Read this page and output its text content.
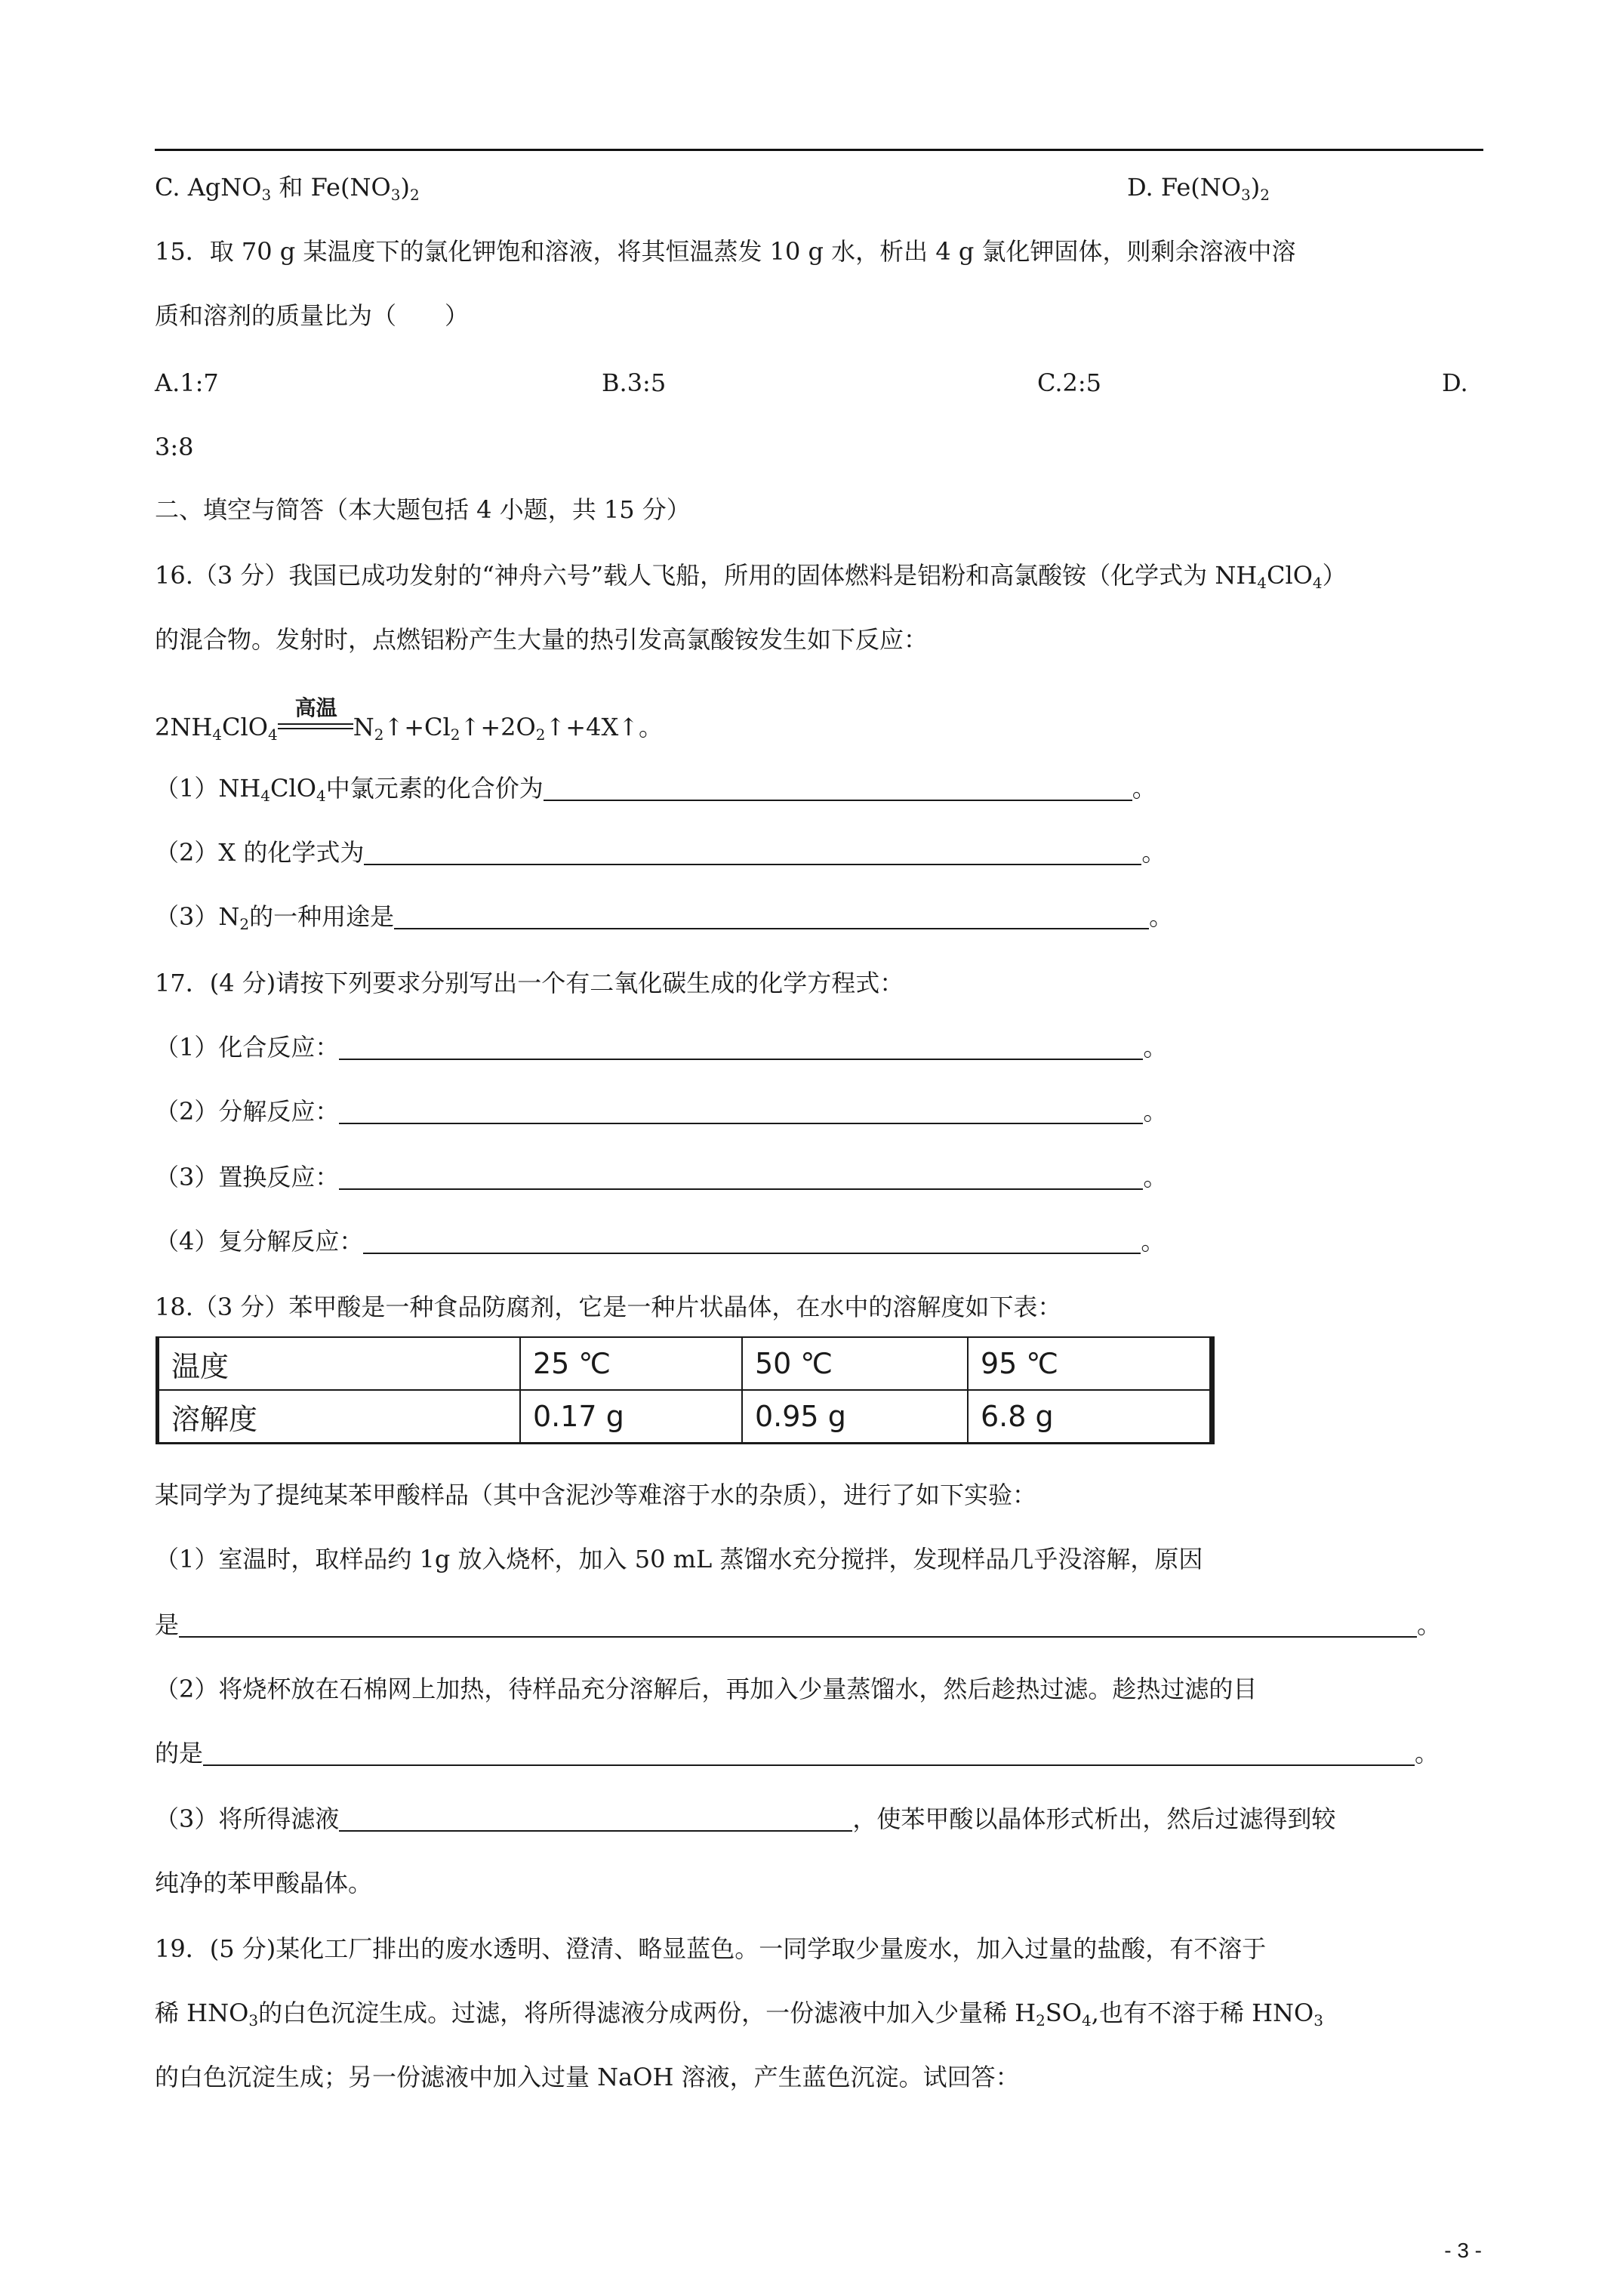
C. AgNO$_3$ 和 $Fe(NO_3)_2$	D. $Fe(NO_3)_2$
15．取 70 g 某温度下的氯化钾饱和溶液，将其恒温蒸发 10 g 水，析出 4 g 氯化钾固体，则剩余溶液中溶
质和溶剂的质量比为（　　）
A.1:7	B.3:5	C.2:5	D.
3:8
二、填空与简答（本大题包括 4 小题，共 15 分）
16.（3 分）我国已成功发射的“神舟六号”载人飞船，所用的固体燃料是铝粉和高氯酸铵（化学式为 $NH_4ClO_4$）
的混合物。发射时，点燃铝粉产生大量的热引发高氯酸铵发生如下反应：
$2NH_4ClO_4$
高温
$N_2↑+Cl_2↑+2O_2↑+4X↑$。
$(1)NH_4ClO_4$中氯元素的化合价为	。
（2）X 的化学式为	。
$(3)N_2$的一种用途是	。
17．(4 分)请按下列要求分别写出一个有二氧化碳生成的化学方程式：
（1）化合反应：	。
（2）分解反应：	。
（3）置换反应：	。
（4）复分解反应：	。
18.（3 分）苯甲酸是一种食品防腐剂，它是一种片状晶体，在水中的溶解度如下表：
温度	25 ℃	50 ℃	95 ℃
溶解度	0.17 g	0.95 g	6.8 g
某同学为了提纯某苯甲酸样品（其中含泥沙等难溶于水的杂质），进行了如下实验：
（1）室温时，取样品约 1g 放入烧杯，加入 50 mL 蒸馏水充分搅拌，发现样品几乎没溶解，原因
是	。
（2）将烧杯放在石棉网上加热，待样品充分溶解后，再加入少量蒸馏水，然后趁热过滤。趁热过滤的目
的是	。
（3）将所得滤液	，使苯甲酸以晶体形式析出，然后过滤得到较
纯净的苯甲酸晶体。
19．(5 分)某化工厂排出的废水透明、澄清、略显蓝色。一同学取少量废水，加入过量的盐酸，有不溶于
稀 $HNO_3$的白色沉淀生成。过滤，将所得滤液分成两份，一份滤液中加入少量稀 $H_2SO_4$,也有不溶于稀 $HNO_3$
的白色沉淀生成；另一份滤液中加入过量 NaOH 溶液，产生蓝色沉淀。试回答：
- 3 -
